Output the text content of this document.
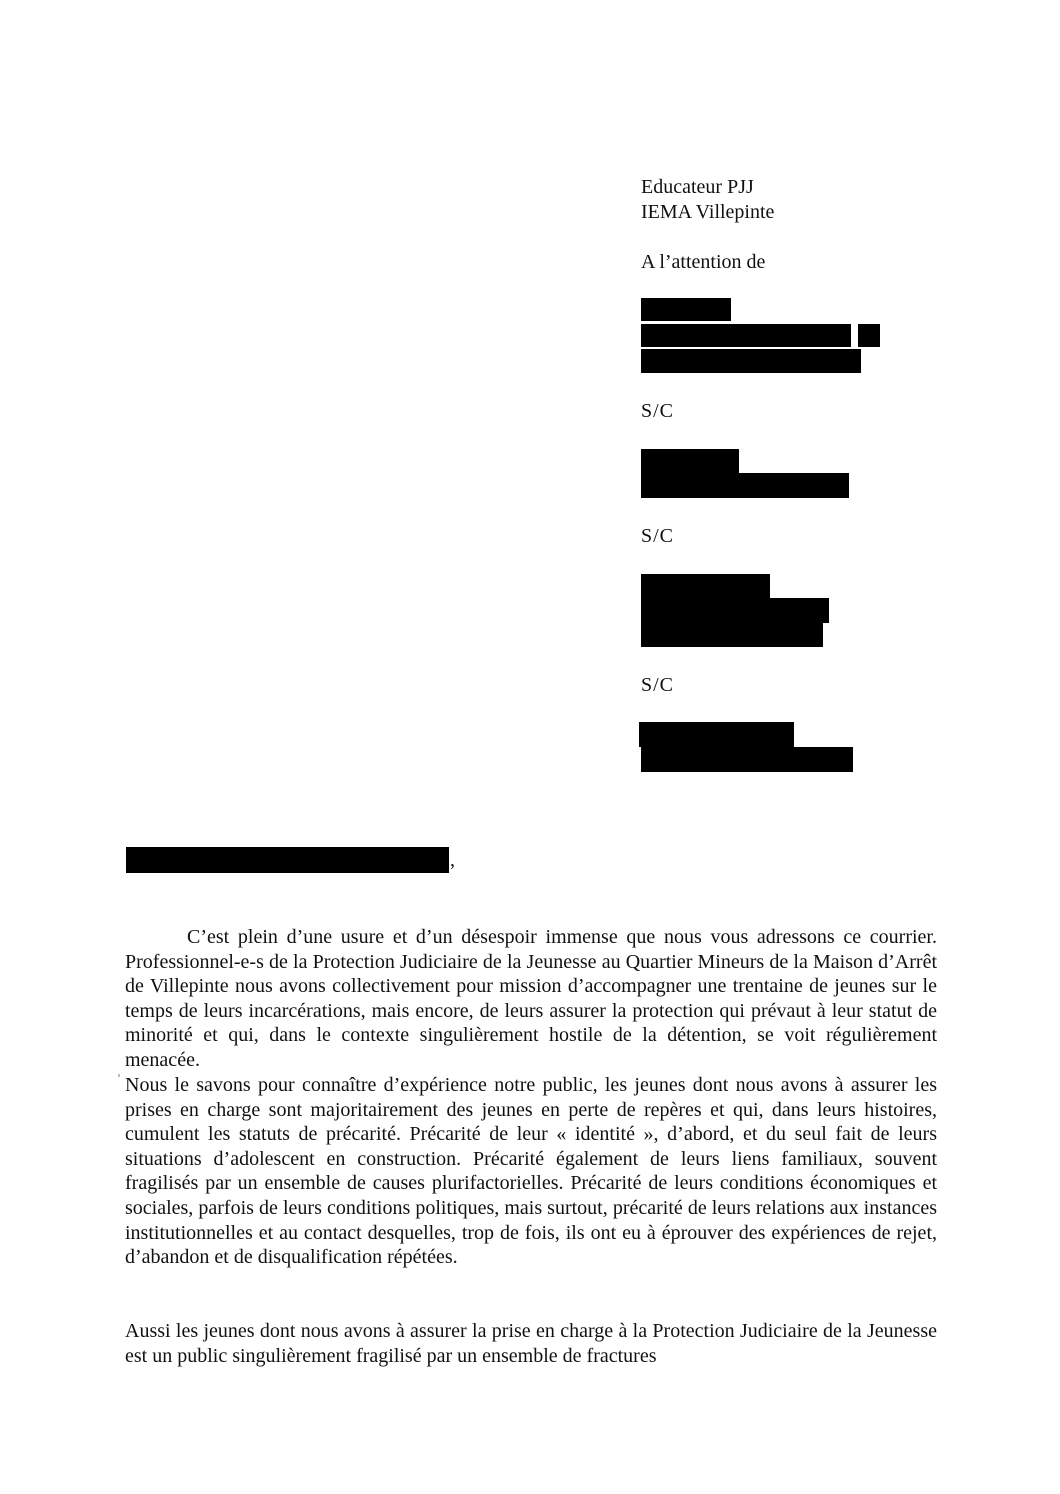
Educateur PJJ
IEMA Villepinte
A l’attention de
S/C
S/C
S/C
,

C’est plein d’une usure et d’un désespoir immense que nous vous adressons ce courrier. Professionnel-e-s de la Protection Judiciaire de la Jeunesse au Quartier Mineurs de la Maison d’Arrêt de Villepinte nous avons collectivement pour mission d’accompagner une trentaine de jeunes sur le temps de leurs incarcérations, mais encore, de leurs assurer la protection qui prévaut à leur statut de minorité et qui, dans le contexte singulièrement hostile de la détention, se voit régulièrement menacée.

Nous le savons pour connaître d’expérience notre public, les jeunes dont nous avons à assurer les prises en charge sont majoritairement des jeunes en perte de repères et qui, dans leurs histoires, cumulent les statuts de précarité. Précarité de leur « identité », d’abord, et du seul fait de leurs situations d’adolescent en construction. Précarité également de leurs liens familiaux, souvent fragilisés par un ensemble de causes plurifactorielles. Précarité de leurs conditions économiques et sociales, parfois de leurs conditions politiques, mais surtout, précarité de leurs relations aux instances institutionnelles et au contact desquelles, trop de fois, ils ont eu à éprouver des expériences de rejet, d’abandon et de disqualification répétées.

Aussi les jeunes dont nous avons à assurer la prise en charge à la Protection Judiciaire de la Jeunesse est un public singulièrement fragilisé par un ensemble de fractures
